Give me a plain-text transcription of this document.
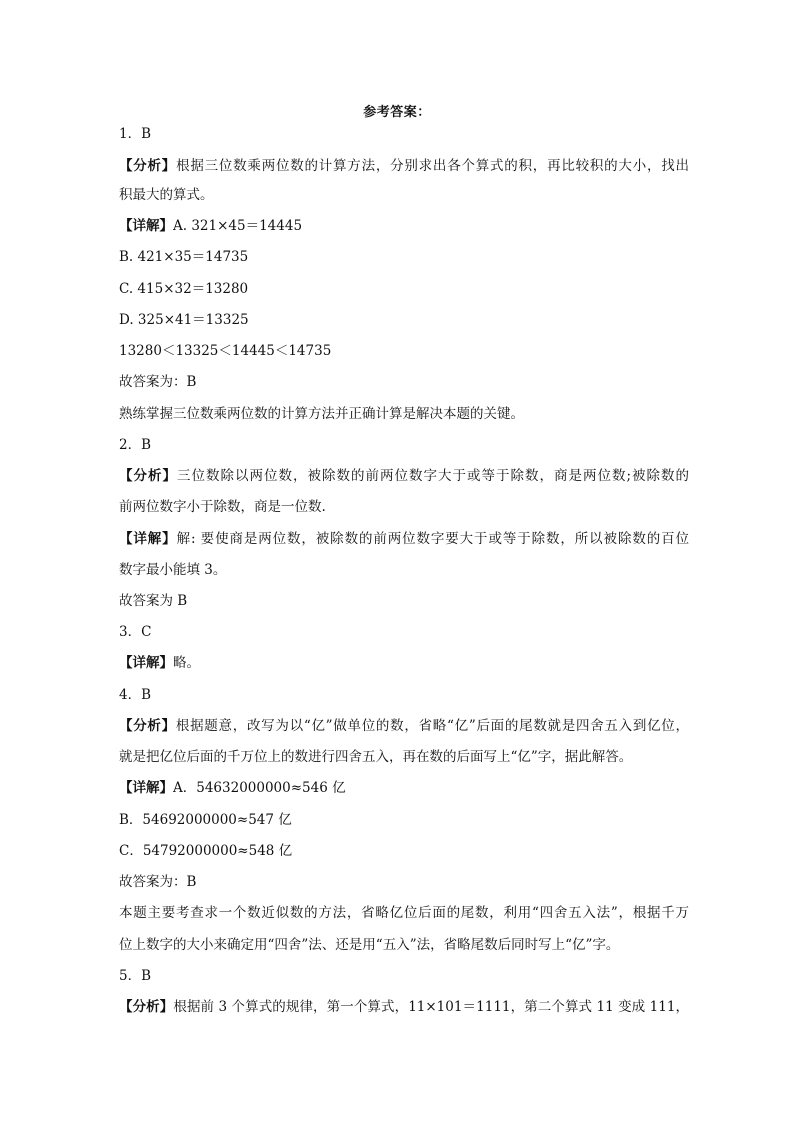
参考答案：
1．B
【分析】根据三位数乘两位数的计算方法，分别求出各个算式的积，再比较积的大小，找出
积最大的算式。
【详解】A. 321×45＝14445
B. 421×35＝14735
C. 415×32＝13280
D. 325×41＝13325
13280＜13325＜14445＜14735
故答案为：B
熟练掌握三位数乘两位数的计算方法并正确计算是解决本题的关键。
2．B
【分析】三位数除以两位数，被除数的前两位数字大于或等于除数，商是两位数;被除数的
前两位数字小于除数，商是一位数.
【详解】解: 要使商是两位数，被除数的前两位数字要大于或等于除数，所以被除数的百位
数字最小能填 3。
故答案为 B
3．C
【详解】略。
4．B
【分析】根据题意，改写为以“亿”做单位的数，省略“亿”后面的尾数就是四舍五入到亿位，
就是把亿位后面的千万位上的数进行四舍五入，再在数的后面写上“亿”字，据此解答。
【详解】A．54632000000≈546 亿
B．54692000000≈547 亿
C．54792000000≈548 亿
故答案为：B
本题主要考查求一个数近似数的方法，省略亿位后面的尾数，利用“四舍五入法”，根据千万
位上数字的大小来确定用“四舍”法、还是用“五入”法，省略尾数后同时写上“亿”字。
5．B
【分析】根据前 3 个算式的规律，第一个算式，11×101＝1111，第二个算式 11 变成 111，
